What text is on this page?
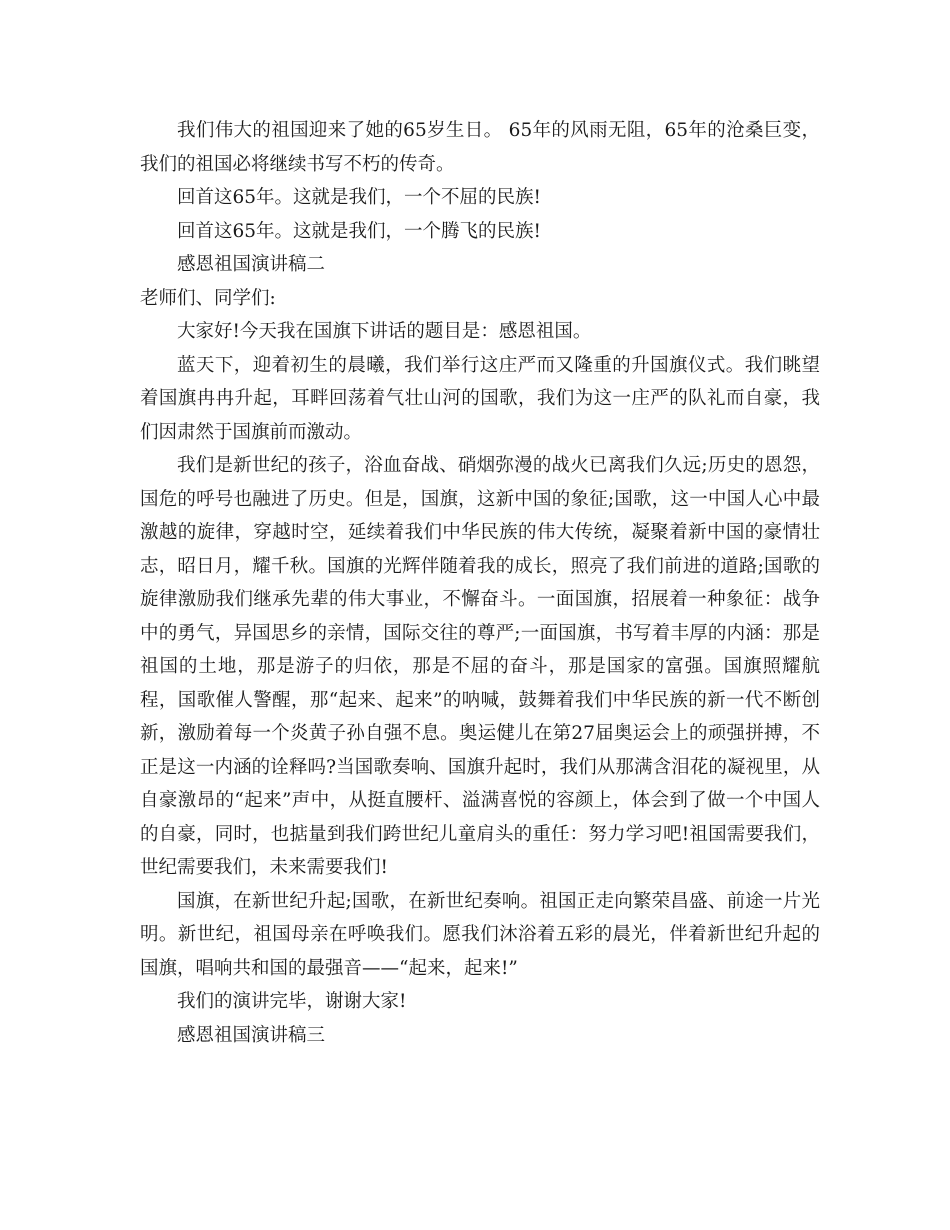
我们伟大的祖国迎来了她的65岁生日。 65年的风雨无阻，65年的沧桑巨变，我们的祖国必将继续书写不朽的传奇。

回首这65年。这就是我们，一个不屈的民族!

回首这65年。这就是我们，一个腾飞的民族!

感恩祖国演讲稿二

老师们、同学们:

大家好!今天我在国旗下讲话的题目是：感恩祖国。

蓝天下，迎着初生的晨曦，我们举行这庄严而又隆重的升国旗仪式。我们眺望着国旗冉冉升起，耳畔回荡着气壮山河的国歌，我们为这一庄严的队礼而自豪，我们因肃然于国旗前而激动。

我们是新世纪的孩子，浴血奋战、硝烟弥漫的战火已离我们久远;历史的恩怨，国危的呼号也融进了历史。但是，国旗，这新中国的象征;国歌，这一中国人心中最激越的旋律，穿越时空，延续着我们中华民族的伟大传统，凝聚着新中国的豪情壮志，昭日月，耀千秋。国旗的光辉伴随着我的成长，照亮了我们前进的道路;国歌的旋律激励我们继承先辈的伟大事业，不懈奋斗。一面国旗，招展着一种象征：战争中的勇气，异国思乡的亲情，国际交往的尊严;一面国旗，书写着丰厚的内涵：那是祖国的土地，那是游子的归依，那是不屈的奋斗，那是国家的富强。国旗照耀航程，国歌催人警醒，那“起来、起来”的呐喊，鼓舞着我们中华民族的新一代不断创新，激励着每一个炎黄子孙自强不息。奥运健儿在第27届奥运会上的顽强拼搏，不正是这一内涵的诠释吗?当国歌奏响、国旗升起时，我们从那满含泪花的凝视里，从自豪激昂的“起来”声中，从挺直腰杆、溢满喜悦的容颜上，体会到了做一个中国人的自豪，同时，也掂量到我们跨世纪儿童肩头的重任：努力学习吧!祖国需要我们，世纪需要我们，未来需要我们!

国旗，在新世纪升起;国歌，在新世纪奏响。祖国正走向繁荣昌盛、前途一片光明。新世纪，祖国母亲在呼唤我们。愿我们沐浴着五彩的晨光，伴着新世纪升起的国旗，唱响共和国的最强音——“起来，起来!”

我们的演讲完毕，谢谢大家!

感恩祖国演讲稿三
